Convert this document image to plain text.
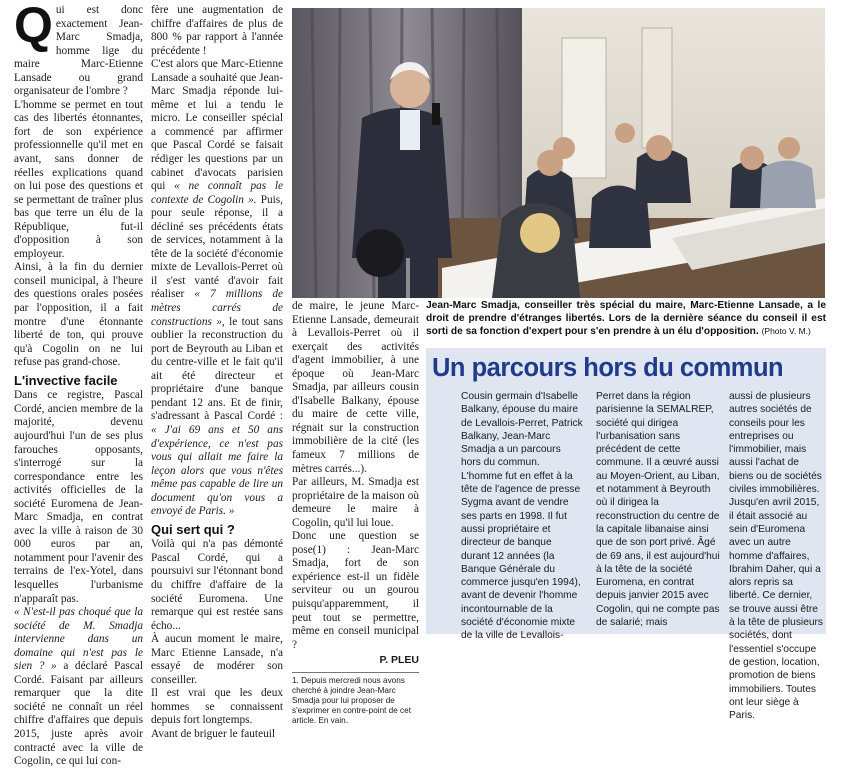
Qui est donc exactement Jean-Marc Smadja, homme lige du maire Marc-Etienne Lansade ou grand organisateur de l'ombre ?

L'homme se permet en tout cas des libertés étonnantes, fort de son expérience professionnelle qu'il met en avant, sans donner de réelles explications quand on lui pose des questions et se permettant de traîner plus bas que terre un élu de la République, fut-il d'opposition à son employeur.

Ainsi, à la fin du dernier conseil municipal, à l'heure des questions orales posées par l'opposition, il a fait montre d'une étonnante liberté de ton, qui prouve qu'à Cogolin on ne lui refuse pas grand-chose.

L'invective facile

Dans ce registre, Pascal Cordé, ancien membre de la majorité, devenu aujourd'hui l'un de ses plus farouches opposants, s'interrogé sur la correspondance entre les activités officielles de la société Euromena de Jean-Marc Smadja, en contrat avec la ville à raison de 30 000 euros par an, notamment pour l'avenir des terrains de l'ex-Yotel, dans lesquelles l'urbanisme n'apparaît pas.

« N'est-il pas choqué que la société de M. Smadja intervienne dans un domaine qui n'est pas le sien ? » a déclaré Pascal Cordé. Faisant par ailleurs remarquer que la dite société ne connaît un réel chiffre d'affaires que depuis 2015, juste après avoir contracté avec la ville de Cogolin, ce qui lui con-

fère une augmentation de chiffre d'affaires de plus de 800 % par rapport à l'année précédente !

C'est alors que Marc-Etienne Lansade a souhaité que Jean-Marc Smadja réponde lui-même et lui a tendu le micro. Le conseiller spécial a commencé par affirmer que Pascal Cordé se faisait rédiger les questions par un cabinet d'avocats parisien qui « ne connaît pas le contexte de Cogolin ». Puis, pour seule réponse, il a décliné ses précédents états de services, notamment à la tête de la société d'économie mixte de Levallois-Perret où il s'est vanté d'avoir fait réaliser « 7 millions de mètres carrés de constructions », le tout sans oublier la reconstruction du port de Beyrouth au Liban et du centre-ville et le fait qu'il ait été directeur et propriétaire d'une banque pendant 12 ans. Et de finir, s'adressant à Pascal Cordé : « J'ai 69 ans et 50 ans d'expérience, ce n'est pas vous qui allait me faire la leçon alors que vous n'êtes même pas capable de lire un document qu'on vous a envoyé de Paris. »

Qui sert qui ?

Voilà qui n'a pas démonté Pascal Cordé, qui a poursuivi sur l'étonnant bond du chiffre d'affaire de la société Euromena. Une remarque qui est restée sans écho...

À aucun moment le maire, Marc Etienne Lansade, n'a essayé de modérer son conseiller.

Il est vrai que les deux hommes se connaissent depuis fort longtemps.

Avant de briguer le fauteuil

Jean-Marc Smadja, conseiller très spécial du maire, Marc-Etienne Lansade, a le droit de prendre d'étranges libertés. Lors de la dernière séance du conseil il est sorti de sa fonction d'expert pour s'en prendre à un élu d'opposition. (Photo V. M.)

de maire, le jeune Marc-Etienne Lansade, demeurait à Levallois-Perret où il exerçait des activités d'agent immobilier, à une époque où Jean-Marc Smadja, par ailleurs cousin d'Isabelle Balkany, épouse du maire de cette ville, régnait sur la construction immobilière de la cité (les fameux 7 millions de mètres carrés...).

Par ailleurs, M. Smadja est propriétaire de la maison où demeure le maire à Cogolin, qu'il lui loue.

Donc une question se pose(1) : Jean-Marc Smadja, fort de son expérience est-il un fidèle serviteur ou un gourou puisqu'apparemment, il peut tout se permettre, même en conseil municipal ?

P. PLEU
1. Depuis mercredi nous avons cherché à joindre Jean-Marc Smadja pour lui proposer de s'exprimer en contre-point de cet article. En vain.
Un parcours hors du commun

Cousin germain d'Isabelle Balkany, épouse du maire de Levallois-Perret, Patrick Balkany, Jean-Marc Smadja a un parcours hors du commun. L'homme fut en effet à la tête de l'agence de presse Sygma avant de vendre ses parts en 1998. Il fut aussi propriétaire et directeur de banque durant 12 années (la Banque Générale du commerce jusqu'en 1994), avant de devenir l'homme incontournable de la société d'économie mixte de la ville de Levallois-

Perret dans la région parisienne la SEMALREP, société qui dirigea l'urbanisation sans précédent de cette commune. Il a œuvré aussi au Moyen-Orient, au Liban, et notamment à Beyrouth où il dirigea la reconstruction du centre de la capitale libanaise ainsi que de son port privé. Âgé de 69 ans, il est aujourd'hui à la tête de la société Euromena, en contrat depuis janvier 2015 avec Cogolin, qui ne compte pas de salarié; mais

aussi de plusieurs autres sociétés de conseils pour les entreprises ou l'immobilier, mais aussi l'achat de biens ou de sociétés civiles immobilières. Jusqu'en avril 2015, il était associé au sein d'Euromena avec un autre homme d'affaires, Ibrahim Daher, qui a alors repris sa liberté. Ce dernier, se trouve aussi être à la tête de plusieurs sociétés, dont l'essentiel s'occupe de gestion, location, promotion de biens immobiliers. Toutes ont leur siège à Paris.
